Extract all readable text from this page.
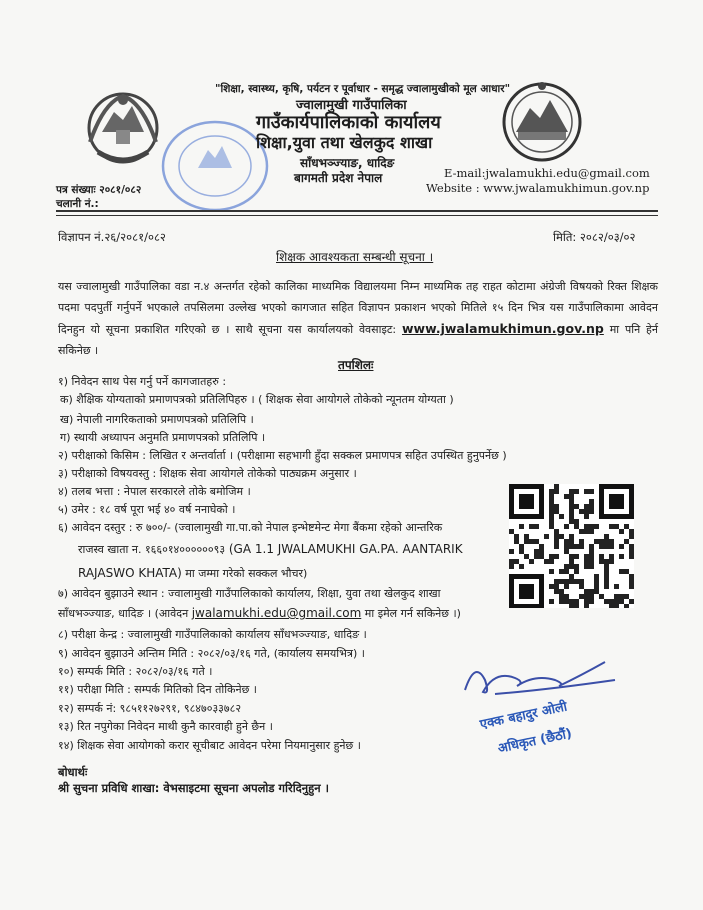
"शिक्षा, स्वास्थ्य, कृषि, पर्यटन र पूर्वाधार - समृद्ध ज्वालामुखीको मूल आधार"
ज्वालामुखी गाउँपालिका
गाउँकार्यपालिकाको कार्यालय
शिक्षा,युवा तथा खेलकुद शाखा
साँधभञ्ज्याङ, धादिङ
बागमती प्रदेश नेपाल	E-mail:jwalamukhi.edu@gmail.com
Website : www.jwalamukhimun.gov.np
पत्र संख्याः २०८१/०८२
चलानी नं.:
विज्ञापन नं.२६/२०८१/०८२	मिति: २०८२/०३/०२
शिक्षक आवश्यकता सम्बन्धी सूचना ।
यस ज्वालामुखी गाउँपालिका वडा न.४ अन्तर्गत रहेको कालिका माध्यमिक विद्यालयमा निम्न माध्यमिक तह राहत कोटामा अंग्रेजी विषयको रिक्त शिक्षक पदमा पदपुर्ती गर्नुपर्ने भएकाले तपसिलमा उल्लेख भएको कागजात सहित विज्ञापन प्रकाशन भएको मितिले १५ दिन भित्र यस गाउँपालिकामा आवेदन दिनहुन यो सूचना प्रकाशित गरिएको छ । साथै सूचना यस कार्यालयको वेवसाइट: www.jwalamukhimun.gov.np मा पनि हेर्न सकिनेछ ।
तपशिलः
१) निवेदन साथ पेस गर्नु पर्ने कागजातहरु :
क) शैक्षिक योग्यताको प्रमाणपत्रको प्रतिलिपिहरु । ( शिक्षक सेवा आयोगले तोकेको न्यूनतम योग्यता )
ख) नेपाली नागरिकताको प्रमाणपत्रको प्रतिलिपि ।
ग) स्थायी अध्यापन अनुमति प्रमाणपत्रको प्रतिलिपि ।
२) परीक्षाको किसिम : लिखित र अन्तर्वार्ता । (परीक्षामा सहभागी हुँदा सक्कल प्रमाणपत्र सहित उपस्थित हुनुपर्नेछ )
३) परीक्षाको विषयवस्तु : शिक्षक सेवा आयोगले तोकेको पाठ्यक्रम अनुसार ।
४) तलब भत्ता : नेपाल सरकारले तोके बमोजिम ।
५) उमेर : १८ वर्ष पूरा भई ४० वर्ष ननाघेको ।
६) आवेदन दस्तुर : रु ७००/- (ज्वालामुखी गा.पा.को नेपाल इन्भेष्टमेन्ट मेगा बैंकमा रहेको आन्तरिक
राजस्व खाता न. १६६०१४००००००९३ (GA 1.1 JWALAMUKHI GA.PA. AANTARIK
RAJASWO KHATA) मा जम्मा गरेको सक्कल भौचर)
७) आवेदन बुझाउने स्थान : ज्वालामुखी गाउँपालिकाको कार्यालय, शिक्षा, युवा तथा खेलकुद शाखा
साँधभञ्ज्याङ, धादिङ । (आवेदन jwalamukhi.edu@gmail.com मा इमेल गर्न सकिनेछ ।)
८) परीक्षा केन्द्र : ज्वालामुखी गाउँपालिकाको कार्यालय साँधभञ्ज्याङ, धादिङ ।
९) आवेदन बुझाउने अन्तिम मिति : २०८२/०३/१६ गते, (कार्यालय समयभित्र) ।
१०) सम्पर्क मिति : २०८२/०३/१६ गते ।
११) परीक्षा मिति : सम्पर्क मितिको दिन तोकिनेछ ।
१२) सम्पर्क नं: ९८५११२७२९१, ९८४७०३३७८२
१३) रित नपुगेका निवेदन माथी कुनै कारवाही हुने छैन ।
१४) शिक्षक सेवा आयोगको करार सूचीबाट आवेदन परेमा नियमानुसार हुनेछ ।
एक्क बहादुर ओली
अधिकृत (छैठौं)
बोधार्थः
श्री सुचना प्रविधि शाखा: वेभसाइटमा सूचना अपलोड गरिदिनुहुन ।
